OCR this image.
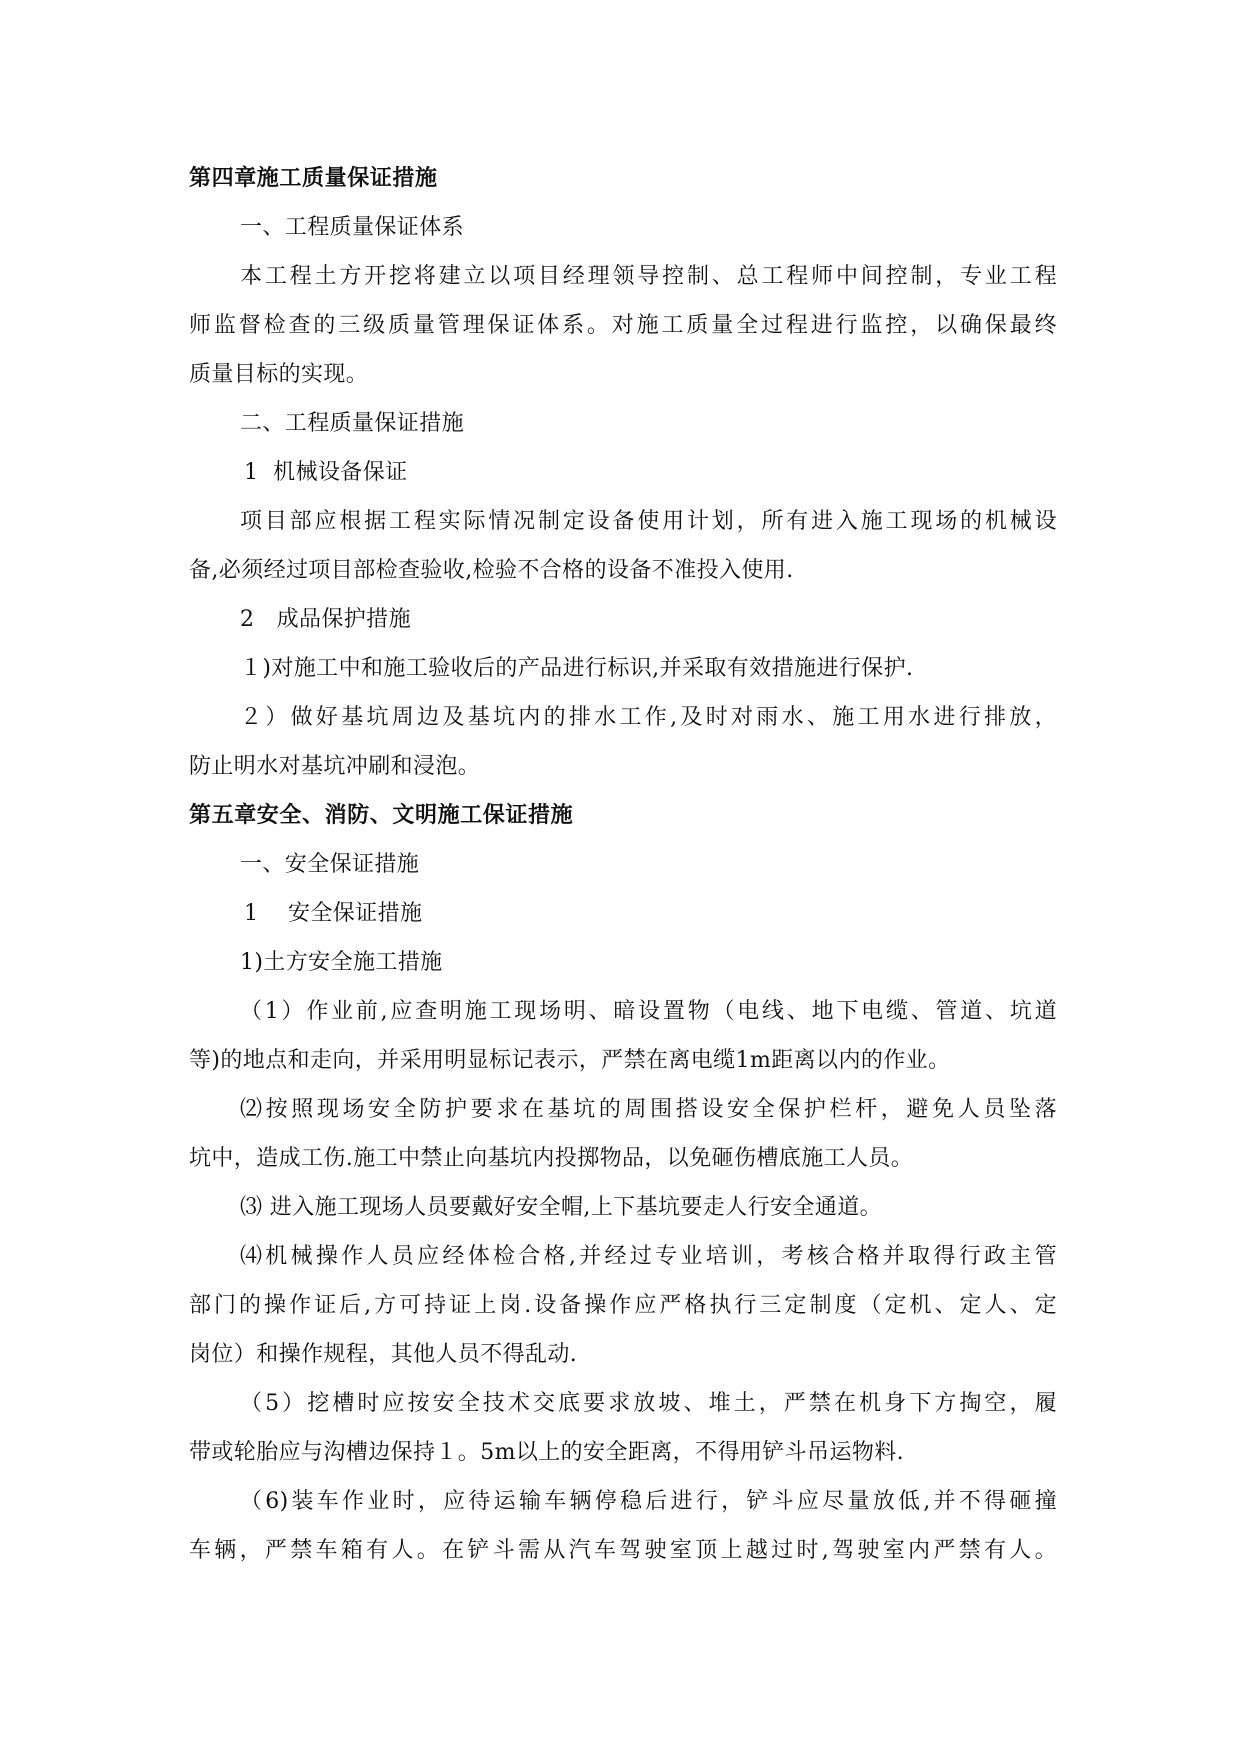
第四章施工质量保证措施
一、工程质量保证体系
本工程土方开挖将建立以项目经理领导控制、总工程师中间控制，专业工程
师监督检查的三级质量管理保证体系。对施工质量全过程进行监控，以确保最终
质量目标的实现。
二、工程质量保证措施
1  机械设备保证
项目部应根据工程实际情况制定设备使用计划，所有进入施工现场的机械设
备,必须经过项目部检查验收,检验不合格的设备不准投入使用.
2   成品保护措施
１)对施工中和施工验收后的产品进行标识,并采取有效措施进行保护.
２）做好基坑周边及基坑内的排水工作,及时对雨水、施工用水进行排放，
防止明水对基坑冲刷和浸泡。
第五章安全、消防、文明施工保证措施
一、安全保证措施
1    安全保证措施
1)土方安全施工措施
（1）作业前,应查明施工现场明、暗设置物（电线、地下电缆、管道、坑道
等)的地点和走向，并采用明显标记表示，严禁在离电缆1m距离以内的作业。
⑵按照现场安全防护要求在基坑的周围搭设安全保护栏杆，避免人员坠落
坑中，造成工伤.施工中禁止向基坑内投掷物品，以免砸伤槽底施工人员。
⑶ 进入施工现场人员要戴好安全帽,上下基坑要走人行安全通道。
⑷机械操作人员应经体检合格,并经过专业培训，考核合格并取得行政主管
部门的操作证后,方可持证上岗.设备操作应严格执行三定制度（定机、定人、定
岗位）和操作规程，其他人员不得乱动.
（5）挖槽时应按安全技术交底要求放坡、堆土，严禁在机身下方掏空，履
带或轮胎应与沟槽边保持１。5m以上的安全距离，不得用铲斗吊运物料.
（6)装车作业时，应待运输车辆停稳后进行，铲斗应尽量放低,并不得砸撞
车辆，严禁车箱有人。在铲斗需从汽车驾驶室顶上越过时,驾驶室内严禁有人。
